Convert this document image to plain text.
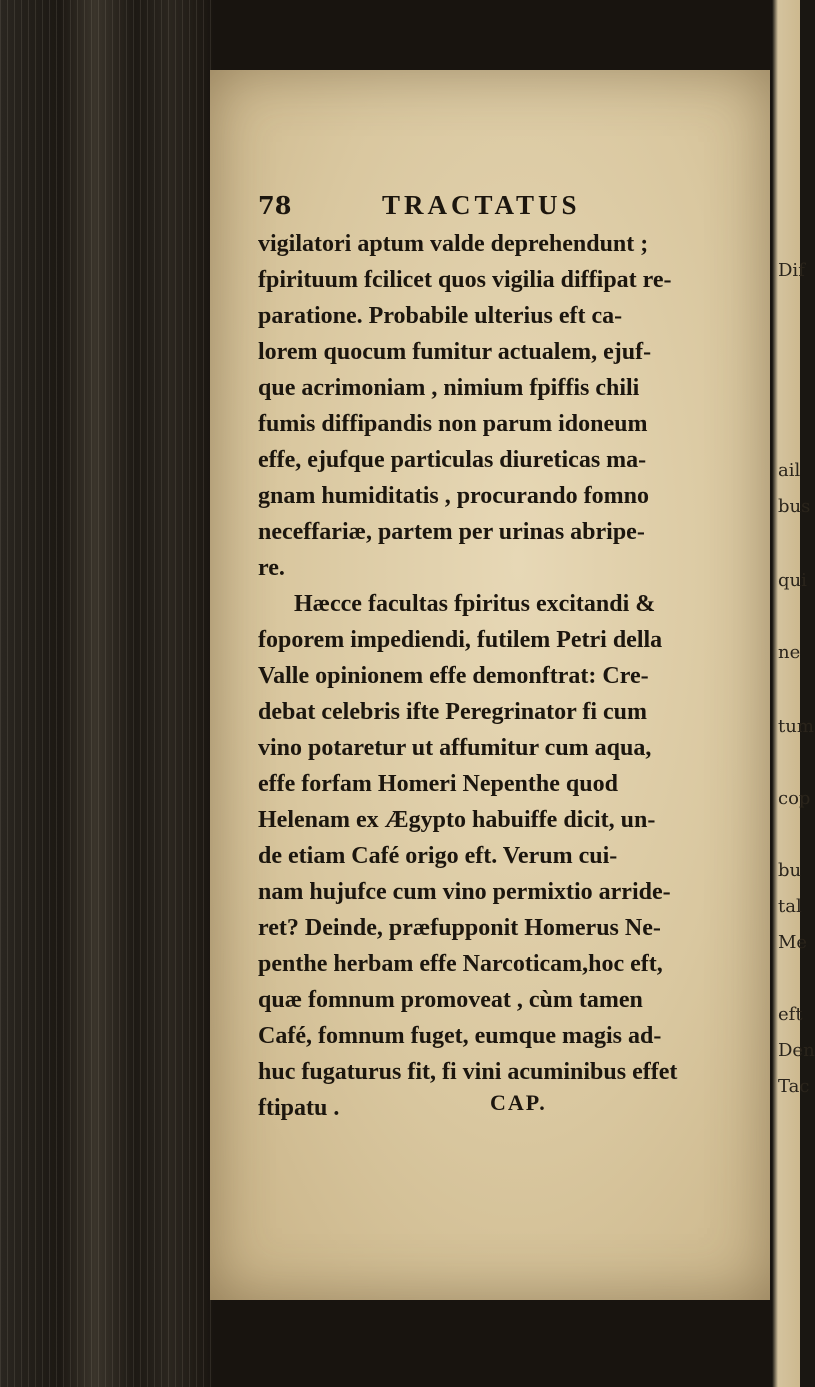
Dif
ail
bus
qui
ne
tum
cop
bu
tal
Me
eft
Den
Tac
78	TRACTATUS
vigilatori aptum valde deprehendunt ;
fpirituum fcilicet quos vigilia diffipat re-
paratione. Probabile ulterius eft ca-
lorem quocum fumitur actualem, ejuf-
que acrimoniam , nimium fpiffis chili
fumis diffipandis non parum idoneum
effe, ejufque particulas diureticas ma-
gnam humiditatis , procurando fomno
neceffariæ, partem per urinas abripe-
re.
Hæcce facultas fpiritus excitandi &
foporem impediendi, futilem Petri della
Valle opinionem effe demonftrat: Cre-
debat celebris ifte Peregrinator fi cum
vino potaretur ut affumitur cum aqua,
effe forfam Homeri Nepenthe quod
Helenam ex Ægypto habuiffe dicit, un-
de etiam Café origo eft. Verum cui-
nam hujufce cum vino permixtio arride-
ret? Deinde, præfupponit Homerus Ne-
penthe herbam effe Narcoticam,hoc eft,
quæ fomnum promoveat , cùm tamen
Café, fomnum fuget, eumque magis ad-
huc fugaturus fit, fi vini acuminibus effet
ftipatu .	CAP.
